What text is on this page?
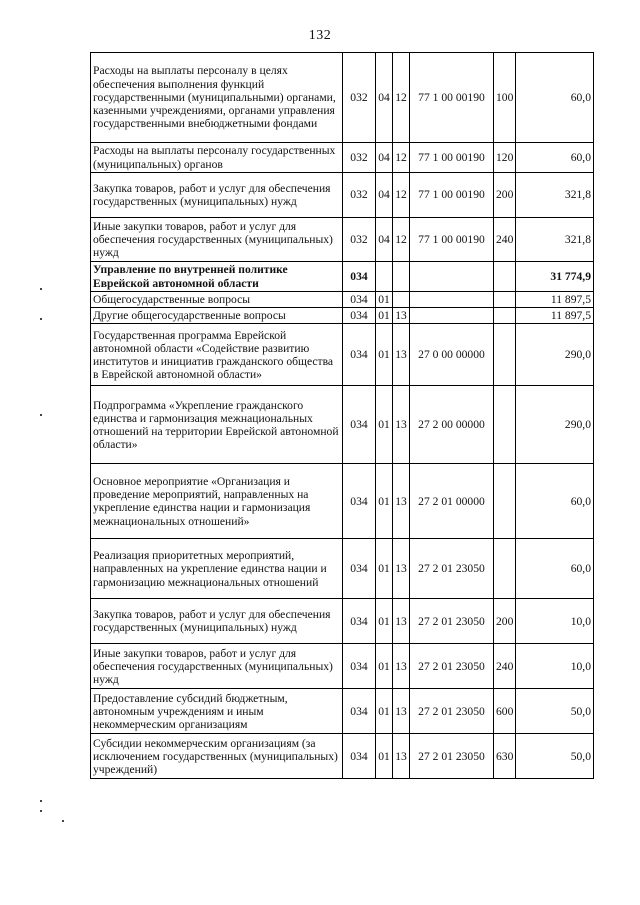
132
Расходы на выплаты персоналу в целях обеспечения выполнения функций государственными (муниципальными) органами, казенными учреждениями, органами управления государственными внебюджетными фондами	032	04	12	77 1 00 00190	100	60,0
Расходы на выплаты персоналу государственных (муниципальных) органов	032	04	12	77 1 00 00190	120	60,0
Закупка товаров, работ и услуг для обеспечения государственных (муниципальных) нужд	032	04	12	77 1 00 00190	200	321,8
Иные закупки товаров, работ и услуг для обеспечения государственных (муниципальных) нужд	032	04	12	77 1 00 00190	240	321,8
Управление по внутренней политике Еврейской автономной области	034					31 774,9
Общегосударственные вопросы	034	01				11 897,5
Другие общегосударственные вопросы	034	01	13			11 897,5
Государственная программа Еврейской автономной области «Содействие развитию институтов и инициатив гражданского общества в Еврейской автономной области»	034	01	13	27 0 00 00000		290,0
Подпрограмма «Укрепление гражданского единства и гармонизация межнациональных отношений на территории Еврейской автономной области»	034	01	13	27 2 00 00000		290,0
Основное мероприятие «Организация и проведение мероприятий, направленных на укрепление единства нации и гармонизация межнациональных отношений»	034	01	13	27 2 01 00000		60,0
Реализация приоритетных мероприятий, направленных на укрепление единства нации и гармонизацию межнациональных отношений	034	01	13	27 2 01 23050		60,0
Закупка товаров, работ и услуг для обеспечения государственных (муниципальных) нужд	034	01	13	27 2 01 23050	200	10,0
Иные закупки товаров, работ и услуг для обеспечения государственных (муниципальных) нужд	034	01	13	27 2 01 23050	240	10,0
Предоставление субсидий бюджетным, автономным учреждениям и иным некоммерческим организациям	034	01	13	27 2 01 23050	600	50,0
Субсидии некоммерческим организациям (за исключением государственных (муниципальных) учреждений)	034	01	13	27 2 01 23050	630	50,0
